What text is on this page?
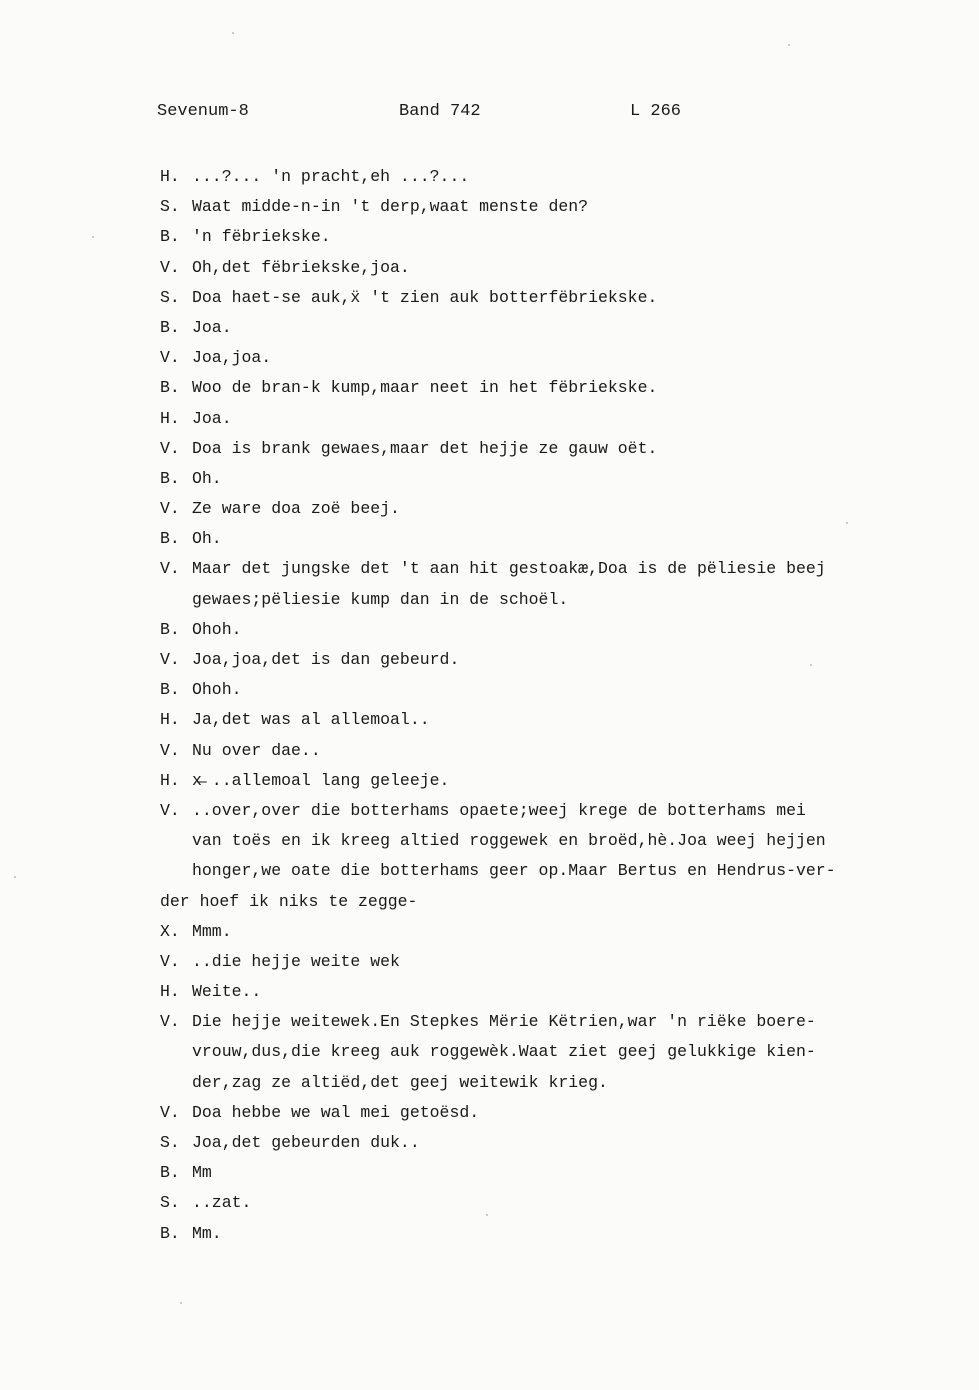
Sevenum-8	Band 742	L 266
H. ...?... 'n pracht,eh ...?...
S. Waat midde-n-in 't derp,waat menste den?
B. 'n fëbriekske.
V. Oh,det fëbriekske,joa.
S. Doa haet-se auk,ẍ 't zien auk botterfëbriekske.
B. Joa.
V. Joa,joa.
B. Woo de bran-k kump,maar neet in het fëbriekske.
H. Joa.
V. Doa is brank gewaes,maar det hejje ze gauw oët.
B. Oh.
V. Ze ware doa zoë beej.
B. Oh.
V. Maar det jungske det 't aan hit gestoakæ,Doa is de pëliesie beej
gewaes;pëliesie kump dan in de schoël.
B. Ohoh.
V. Joa,joa,det is dan gebeurd.
B. Ohoh.
H. Ja,det was al allemoal..
V. Nu over dae..
H. x̶ ..allemoal lang geleeje.
V. ..over,over die botterhams opaete;weej krege de botterhams mei
van toës en ik kreeg altied roggewek en broëd,hè.Joa weej hejjen
honger,we oate die botterhams geer op.Maar Bertus en Hendrus-ver-
der hoef ik niks te zegge-
X. Mmm.
V. ..die hejje weite wek
H. Weite..
V. Die hejje weitewek.En Stepkes Mërie Këtrien,war 'n riëke boere-
vrouw,dus,die kreeg auk roggewèk.Waat ziet geej gelukkige kien-
der,zag ze altiëd,det geej weitewik krieg.
V. Doa hebbe we wal mei getoësd.
S. Joa,det gebeurden duk..
B. Mm
S. ..zat.
B. Mm.
